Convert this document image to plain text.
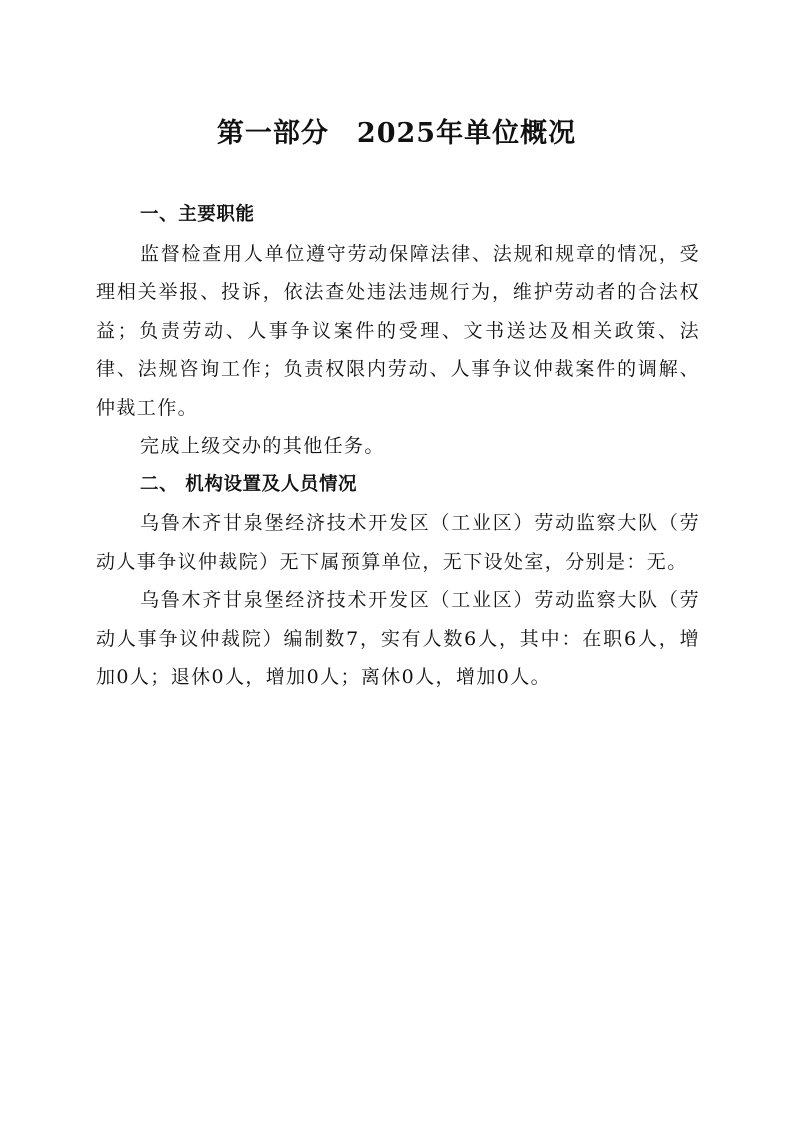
第一部分　2025年单位概况
一、主要职能

监督检查用人单位遵守劳动保障法律、法规和规章的情况，受理相关举报、投诉，依法查处违法违规行为，维护劳动者的合法权益；负责劳动、人事争议案件的受理、文书送达及相关政策、法律、法规咨询工作；负责权限内劳动、人事争议仲裁案件的调解、仲裁工作。

完成上级交办的其他任务。

二、 机构设置及人员情况

乌鲁木齐甘泉堡经济技术开发区（工业区）劳动监察大队（劳动人事争议仲裁院）无下属预算单位，无下设处室，分别是：无。

乌鲁木齐甘泉堡经济技术开发区（工业区）劳动监察大队（劳动人事争议仲裁院）编制数7，实有人数6人，其中：在职6人，增加0人；退休0人，增加0人；离休0人，增加0人。
